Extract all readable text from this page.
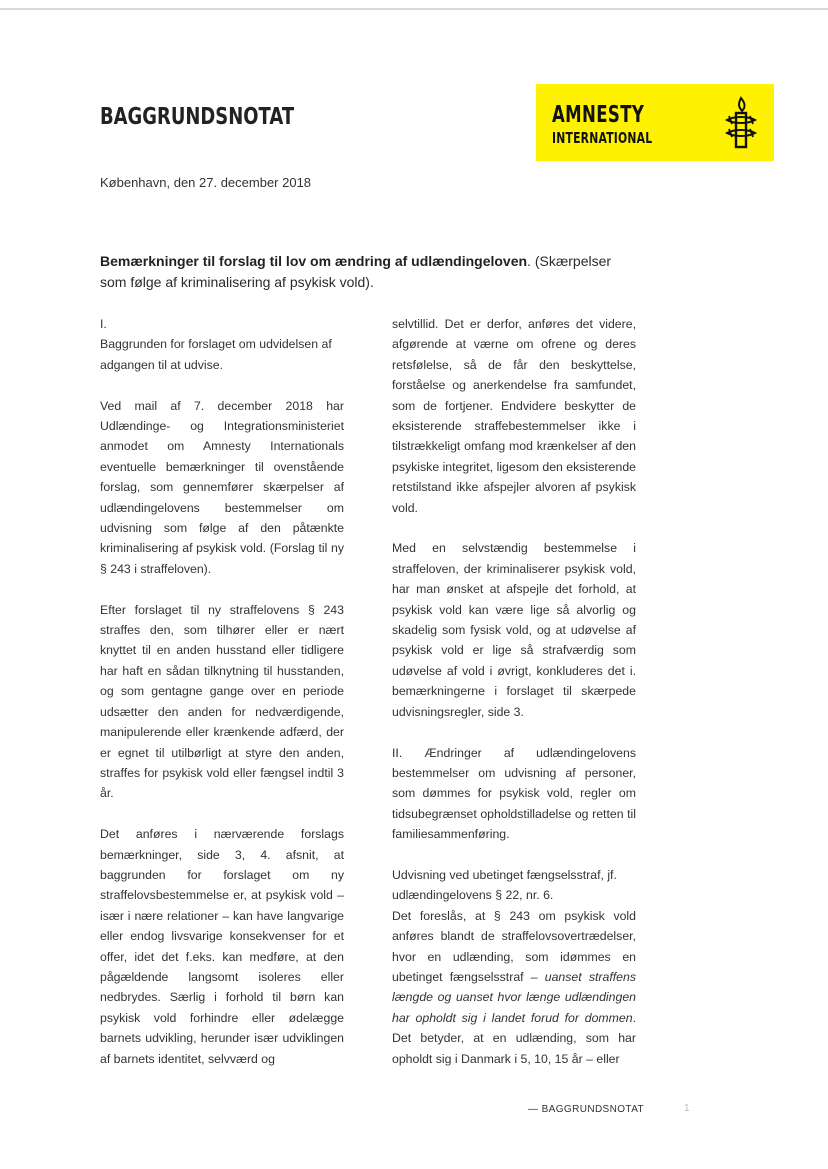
BAGGRUNDSNOTAT	AMNESTY
INTERNATIONAL
København, den 27. december 2018
Bemærkninger til forslag til lov om ændring af udlændingeloven. (Skærpelser som følge af kriminalisering af psykisk vold).

I.

Baggrunden for forslaget om udvidelsen af adgangen til at udvise.

Ved mail af 7. december 2018 har Udlændinge- og Integrationsministeriet anmodet om Amnesty Internationals eventuelle bemærkninger til ovenstående forslag, som gennemfører skærpelser af udlændingelovens bestemmelser om udvisning som følge af den påtænkte kriminalisering af psykisk vold. (Forslag til ny § 243 i straffeloven).

Efter forslaget til ny straffelovens § 243 straffes den, som tilhører eller er nært knyttet til en anden husstand eller tidligere har haft en sådan tilknytning til husstanden, og som gentagne gange over en periode udsætter den anden for nedværdigende, manipulerende eller krænkende adfærd, der er egnet til utilbørligt at styre den anden, straffes for psykisk vold eller fængsel indtil 3 år.

Det anføres i nærværende forslags bemærkninger, side 3, 4. afsnit, at baggrunden for forslaget om ny straffelovsbestemmelse er, at psykisk vold – især i nære relationer – kan have langvarige eller endog livsvarige konsekvenser for et offer, idet det f.eks. kan medføre, at den pågældende langsomt isoleres eller nedbrydes. Særlig i forhold til børn kan psykisk vold forhindre eller ødelægge barnets udvikling, herunder især udviklingen af barnets identitet, selvværd og

selvtillid. Det er derfor, anføres det videre, afgørende at værne om ofrene og deres retsfølelse, så de får den beskyttelse, forståelse og anerkendelse fra samfundet, som de fortjener. Endvidere beskytter de eksisterende straffebestemmelser ikke i tilstrækkeligt omfang mod krænkelser af den psykiske integritet, ligesom den eksisterende retstilstand ikke afspejler alvoren af psykisk vold.

Med en selvstændig bestemmelse i straffeloven, der kriminaliserer psykisk vold, har man ønsket at afspejle det forhold, at psykisk vold kan være lige så alvorlig og skadelig som fysisk vold, og at udøvelse af psykisk vold er lige så strafværdig som udøvelse af vold i øvrigt, konkluderes det i. bemærkningerne i forslaget til skærpede udvisningsregler, side 3.

II. Ændringer af udlændingelovens bestemmelser om udvisning af personer, som dømmes for psykisk vold, regler om tidsubegrænset opholdstilladelse og retten til familiesammenføring.

Udvisning ved ubetinget fængselsstraf, jf. udlændingelovens § 22, nr. 6.

Det foreslås, at § 243 om psykisk vold anføres blandt de straffelovsovertrædelser, hvor en udlænding, som idømmes en ubetinget fængselsstraf – uanset straffens længde og uanset hvor længe udlændingen har opholdt sig i landet forud for dommen. Det betyder, at en udlænding, som har opholdt sig i Danmark i 5, 10, 15 år – eller

— BAGGRUNDSNOTAT	1
